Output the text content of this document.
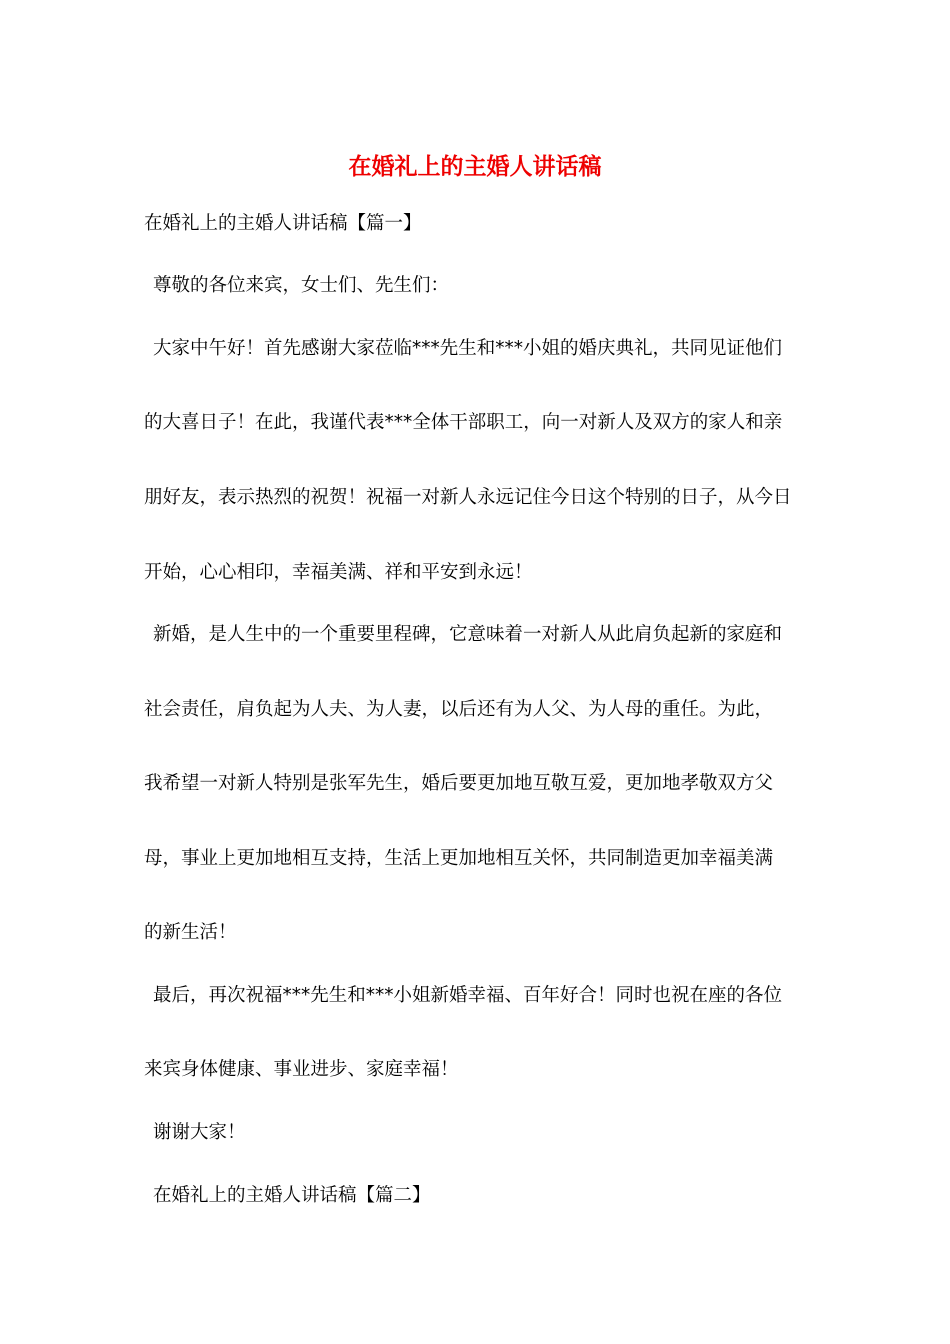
在婚礼上的主婚人讲话稿
在婚礼上的主婚人讲话稿【篇一】
尊敬的各位来宾，女士们、先生们：
大家中午好！首先感谢大家莅临***先生和***小姐的婚庆典礼，共同见证他们
的大喜日子！在此，我谨代表***全体干部职工，向一对新人及双方的家人和亲
朋好友，表示热烈的祝贺！祝福一对新人永远记住今日这个特别的日子，从今日
开始，心心相印，幸福美满、祥和平安到永远！
新婚，是人生中的一个重要里程碑，它意味着一对新人从此肩负起新的家庭和
社会责任，肩负起为人夫、为人妻，以后还有为人父、为人母的重任。为此，
我希望一对新人特别是张军先生，婚后要更加地互敬互爱，更加地孝敬双方父
母，事业上更加地相互支持，生活上更加地相互关怀，共同制造更加幸福美满
的新生活！
最后，再次祝福***先生和***小姐新婚幸福、百年好合！同时也祝在座的各位
来宾身体健康、事业进步、家庭幸福！
谢谢大家！
在婚礼上的主婚人讲话稿【篇二】
